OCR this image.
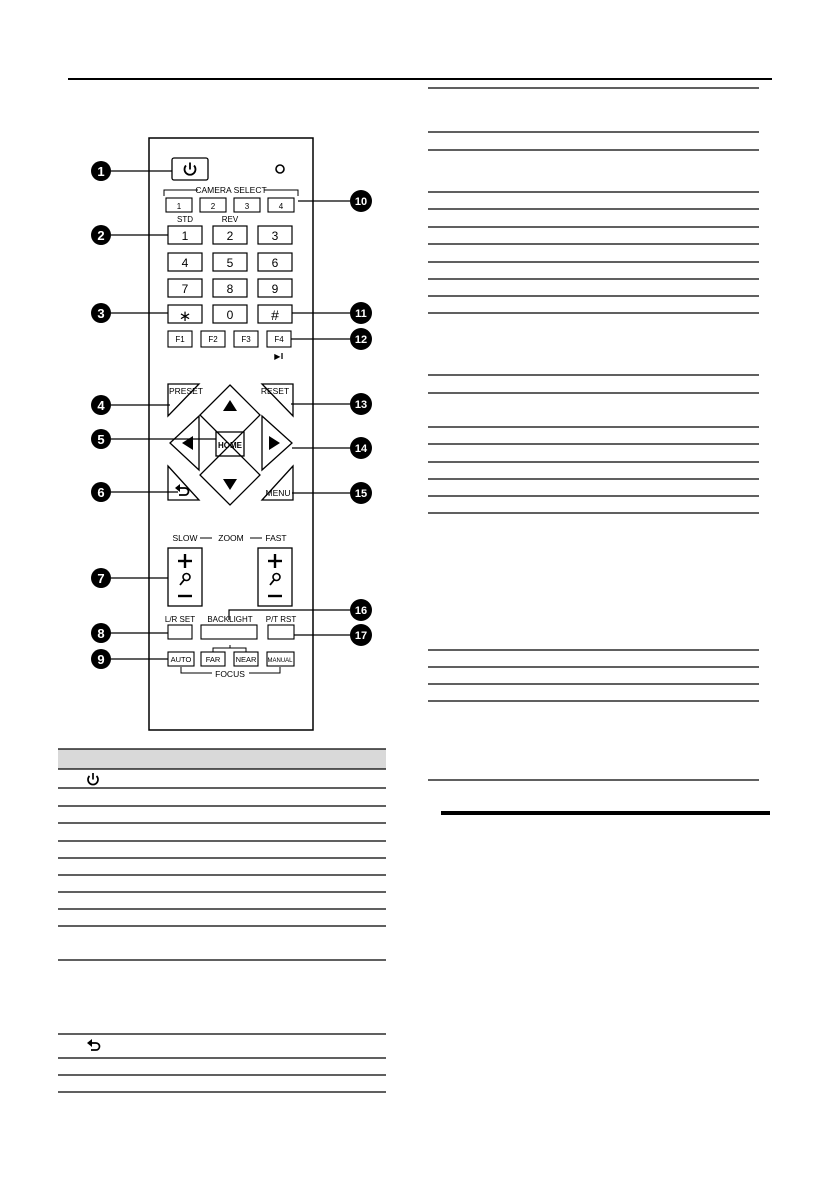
CAMERA SELECT
1	2	3	4
STD	REV
1	2	3
4	5	6
7	8	9
∗	0	#
F1	F2	F3	F4
▶‖
PRESET	RESET
HOME
MENU
SLOW ZOOM	FAST
L/R SET BACKLIGHT P/T RST
AUTO FAR NEAR MANUAL
FOCUS
1
2
3
4
5
6
7
8
9
10
11
12
13
14
15
16
17
